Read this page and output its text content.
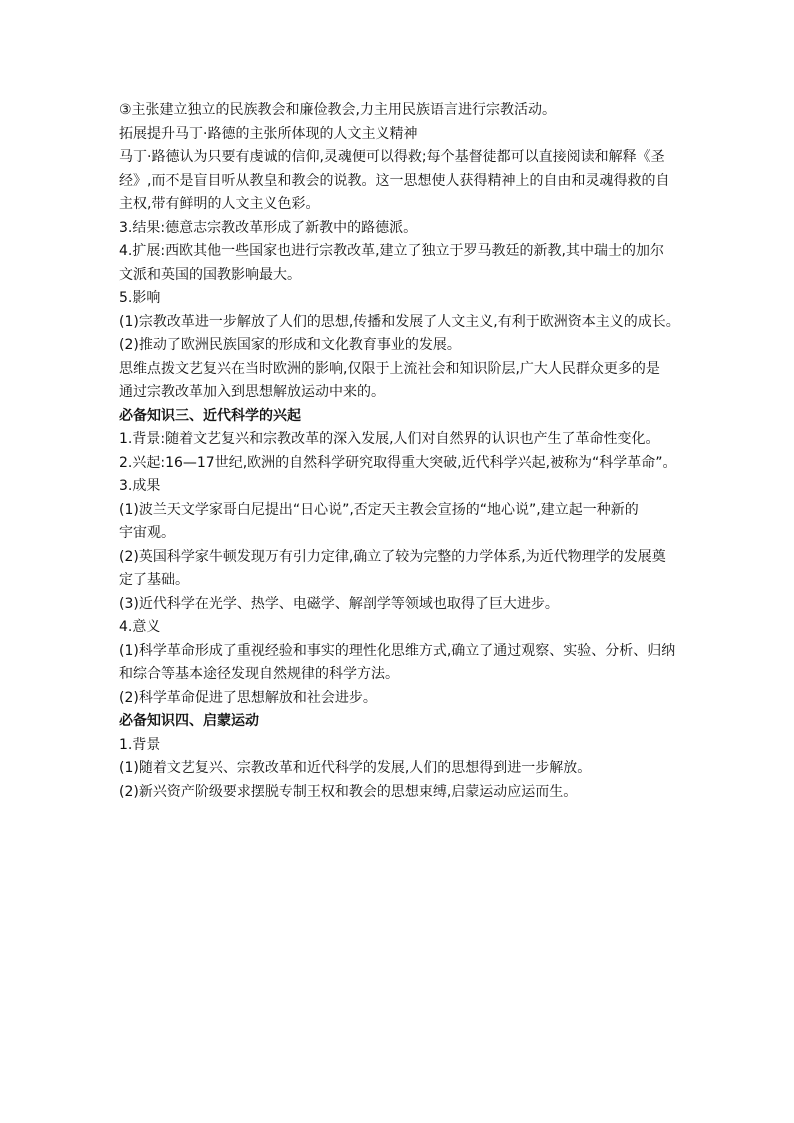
③主张建立独立的民族教会和廉俭教会,力主用民族语言进行宗教活动。

拓展提升马丁·路德的主张所体现的人文主义精神

马丁·路德认为只要有虔诚的信仰,灵魂便可以得救;每个基督徒都可以直接阅读和解释《圣

经》,而不是盲目听从教皇和教会的说教。这一思想使人获得精神上的自由和灵魂得救的自

主权,带有鲜明的人文主义色彩。

3.结果:德意志宗教改革形成了新教中的路德派。

4.扩展:西欧其他一些国家也进行宗教改革,建立了独立于罗马教廷的新教,其中瑞士的加尔

文派和英国的国教影响最大。

5.影响

(1)宗教改革进一步解放了人们的思想,传播和发展了人文主义,有利于欧洲资本主义的成长。

(2)推动了欧洲民族国家的形成和文化教育事业的发展。

思维点拨文艺复兴在当时欧洲的影响,仅限于上流社会和知识阶层,广大人民群众更多的是

通过宗教改革加入到思想解放运动中来的。

必备知识三、近代科学的兴起

1.背景:随着文艺复兴和宗教改革的深入发展,人们对自然界的认识也产生了革命性变化。

2.兴起:16—17世纪,欧洲的自然科学研究取得重大突破,近代科学兴起,被称为“科学革命”。

3.成果

(1)波兰天文学家哥白尼提出“日心说”,否定天主教会宣扬的“地心说”,建立起一种新的

宇宙观。

(2)英国科学家牛顿发现万有引力定律,确立了较为完整的力学体系,为近代物理学的发展奠

定了基础。

(3)近代科学在光学、热学、电磁学、解剖学等领域也取得了巨大进步。

4.意义

(1)科学革命形成了重视经验和事实的理性化思维方式,确立了通过观察、实验、分析、归纳

和综合等基本途径发现自然规律的科学方法。

(2)科学革命促进了思想解放和社会进步。

必备知识四、启蒙运动

1.背景

(1)随着文艺复兴、宗教改革和近代科学的发展,人们的思想得到进一步解放。

(2)新兴资产阶级要求摆脱专制王权和教会的思想束缚,启蒙运动应运而生。
